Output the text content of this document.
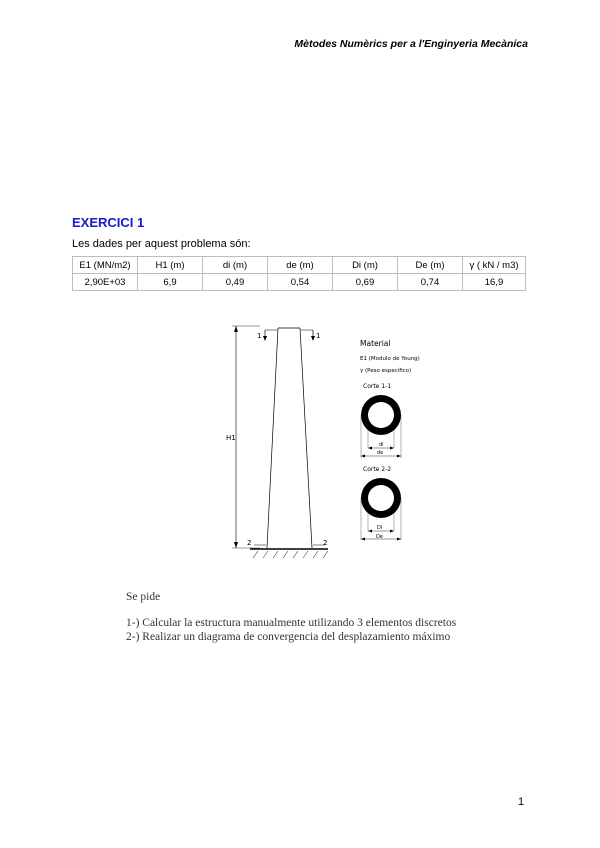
Mètodes Numèrics per a l'Enginyeria Mecànica
EXERCICI 1
Les dades per aquest problema són:
E1 (MN/m2)	H1 (m)	di (m)	de (m)	Di (m)	De (m)	γ ( kN / m3)
2,90E+03	6,9	0,49	0,54	0,69	0,74	16,9
H1
1	1
2	2
Material
E1 (Modulo de Young)
γ (Peso específico)
Corte 1-1
di
de
Corte 2-2
Di
De
Se pide
1-) Calcular la estructura manualmente utilizando 3 elementos discretos
2-) Realizar un diagrama de convergencia del desplazamiento máximo
1
